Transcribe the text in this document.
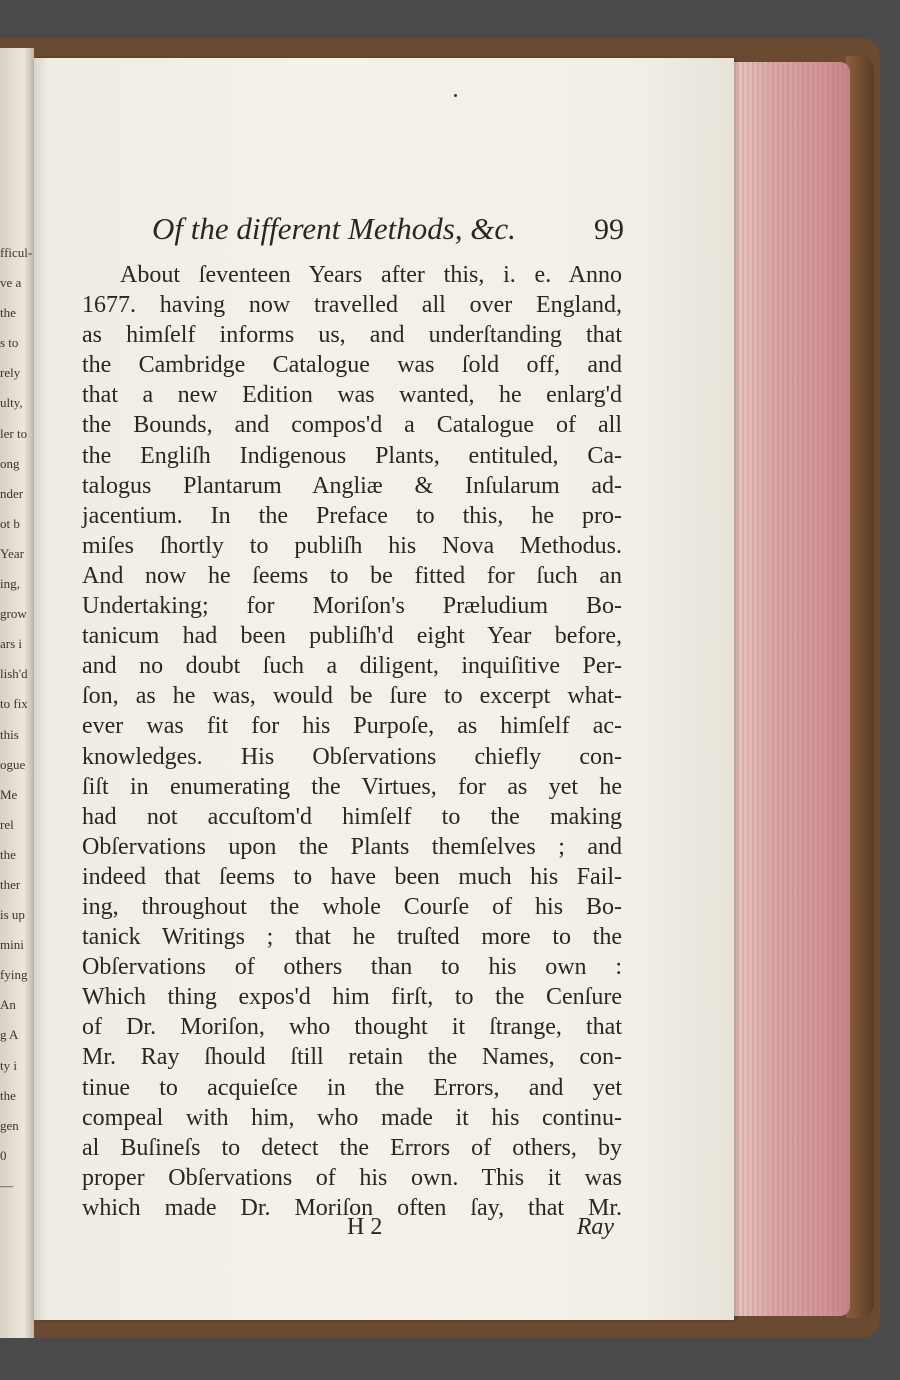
fficul-
ve a
the
s to
rely
ulty,
ler to
ong
nder
ot b
Year
ing,
grow
ars i
lish'd
to fix
this
ogue
Me
rel
the
ther
is up
mini
fying
An
g A
ty i
the
gen
0
—
Of the different Methods, &c.	99
About ſeventeen Years after this, i. e. Anno
1677. having now travelled all over England,
as himſelf informs us, and underſtanding that
the Cambridge Catalogue was ſold off, and
that a new Edition was wanted, he enlarg'd
the Bounds, and compos'd a Catalogue of all
the Engliſh Indigenous Plants, entituled, Ca-
talogus Plantarum Angliæ & Inſularum ad-
jacentium. In the Preface to this, he pro-
miſes ſhortly to publiſh his Nova Methodus.
And now he ſeems to be fitted for ſuch an
Undertaking; for Moriſon's Præludium Bo-
tanicum had been publiſh'd eight Year before,
and no doubt ſuch a diligent, inquiſitive Per-
ſon, as he was, would be ſure to excerpt what-
ever was fit for his Purpoſe, as himſelf ac-
knowledges. His Obſervations chiefly con-
ſiſt in enumerating the Virtues, for as yet he
had not accuſtom'd himſelf to the making
Obſervations upon the Plants themſelves ; and
indeed that ſeems to have been much his Fail-
ing, throughout the whole Courſe of his Bo-
tanick Writings ; that he truſted more to the
Obſervations of others than to his own :
Which thing expos'd him firſt, to the Cenſure
of Dr. Moriſon, who thought it ſtrange, that
Mr. Ray ſhould ſtill retain the Names, con-
tinue to acquieſce in the Errors, and yet
compeal with him, who made it his continu-
al Buſineſs to detect the Errors of others, by
proper Obſervations of his own. This it was
which made Dr. Moriſon often ſay, that Mr.
H 2	Ray
